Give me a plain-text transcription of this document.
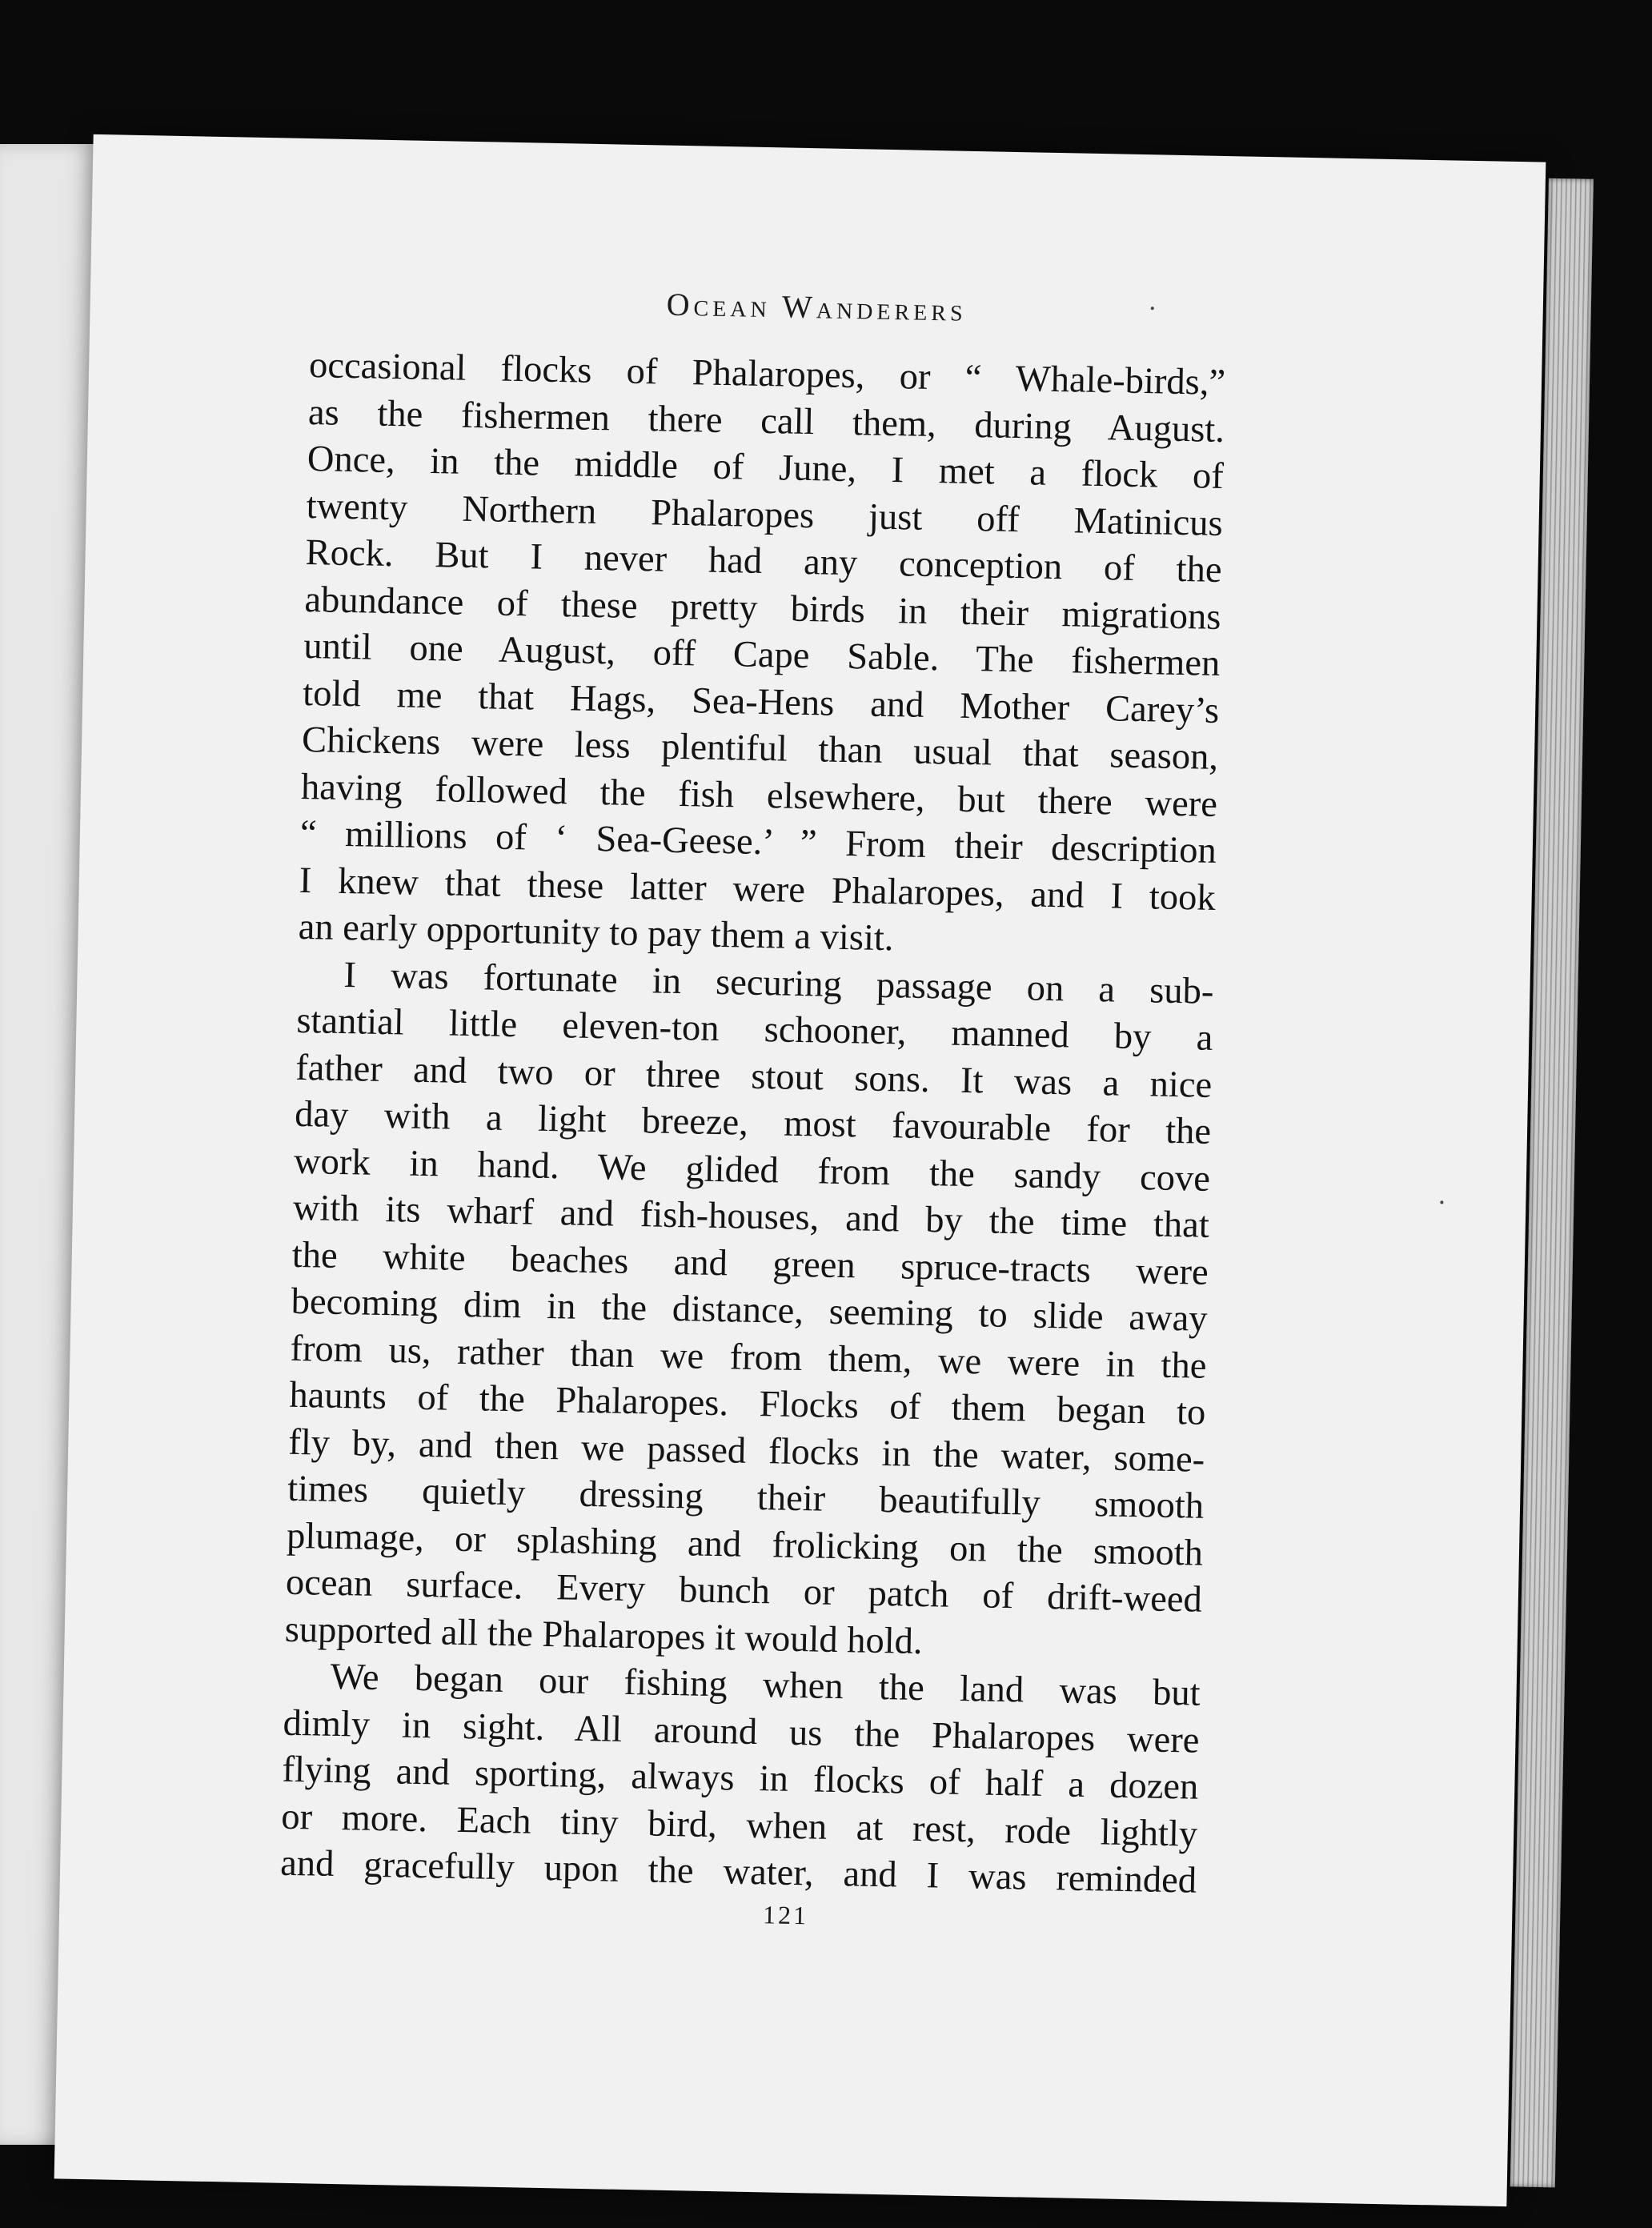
Ocean Wanderers
occasional flocks of Phalaropes, or “ Whale-birds,”
as the fishermen there call them, during August.
Once, in the middle of June, I met a flock of
twenty Northern Phalaropes just off Matinicus
Rock. But I never had any conception of the
abundance of these pretty birds in their migrations
until one August, off Cape Sable. The fishermen
told me that Hags, Sea-Hens and Mother Carey’s
Chickens were less plentiful than usual that season,
having followed the fish elsewhere, but there were
“ millions of ‘ Sea-Geese.’ ” From their description
I knew that these latter were Phalaropes, and I took
an early opportunity to pay them a visit.
I was fortunate in securing passage on a sub-
stantial little eleven-ton schooner, manned by a
father and two or three stout sons. It was a nice
day with a light breeze, most favourable for the
work in hand. We glided from the sandy cove
with its wharf and fish-houses, and by the time that
the white beaches and green spruce-tracts were
becoming dim in the distance, seeming to slide away
from us, rather than we from them, we were in the
haunts of the Phalaropes. Flocks of them began to
fly by, and then we passed flocks in the water, some-
times quietly dressing their beautifully smooth
plumage, or splashing and frolicking on the smooth
ocean surface. Every bunch or patch of drift-weed
supported all the Phalaropes it would hold.
We began our fishing when the land was but
dimly in sight. All around us the Phalaropes were
flying and sporting, always in flocks of half a dozen
or more. Each tiny bird, when at rest, rode lightly
and gracefully upon the water, and I was reminded
121
